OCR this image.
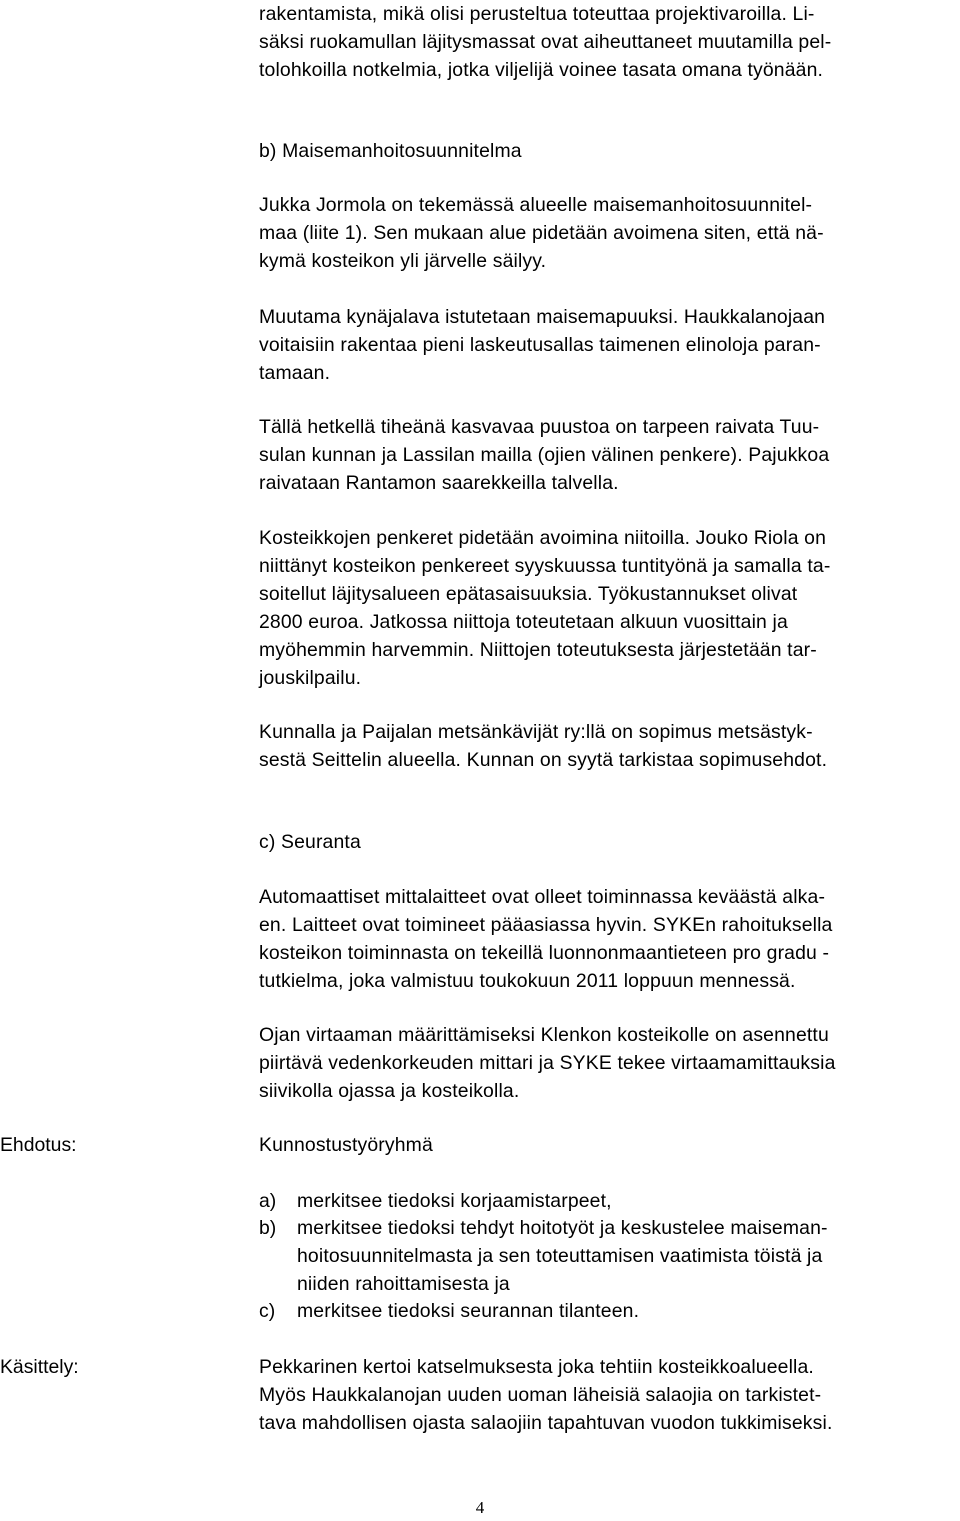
rakentamista, mikä olisi perusteltua toteuttaa projektivaroilla. Li-
säksi ruokamullan läjitysmassat ovat aiheuttaneet muutamilla pel-
tolohkoilla notkelmia, jotka viljelijä voinee tasata omana työnään.
b) Maisemanhoitosuunnitelma
Jukka Jormola on tekemässä alueelle maisemanhoitosuunnitel-
maa (liite 1). Sen mukaan alue pidetään avoimena siten, että nä-
kymä kosteikon yli järvelle säilyy.
Muutama kynäjalava istutetaan maisemapuuksi. Haukkalanojaan
voitaisiin rakentaa pieni laskeutusallas taimenen elinoloja paran-
tamaan.
Tällä hetkellä tiheänä kasvavaa puustoa on tarpeen raivata Tuu-
sulan kunnan ja Lassilan mailla (ojien välinen penkere). Pajukkoa
raivataan Rantamon saarekkeilla talvella.
Kosteikkojen penkeret pidetään avoimina niitoilla. Jouko Riola on
niittänyt kosteikon penkereet syyskuussa tuntityönä ja samalla ta-
soitellut läjitysalueen epätasaisuuksia. Työkustannukset olivat
2800 euroa. Jatkossa niittoja toteutetaan alkuun vuosittain ja
myöhemmin harvemmin. Niittojen toteutuksesta järjestetään tar-
jouskilpailu.
Kunnalla ja Paijalan metsänkävijät ry:llä on sopimus metsästyk-
sestä Seittelin alueella. Kunnan on syytä tarkistaa sopimusehdot.
c) Seuranta
Automaattiset mittalaitteet ovat olleet toiminnassa keväästä alka-
en. Laitteet ovat toimineet pääasiassa hyvin. SYKEn rahoituksella
kosteikon toiminnasta on tekeillä luonnonmaantieteen pro gradu -
tutkielma, joka valmistuu toukokuun 2011 loppuun mennessä.
Ojan virtaaman määrittämiseksi Klenkon kosteikolle on asennettu
piirtävä vedenkorkeuden mittari ja SYKE tekee virtaamamittauksia
siivikolla ojassa ja kosteikolla.
Ehdotus:	Kunnostustyöryhmä
a) merkitsee tiedoksi korjaamistarpeet,
b) merkitsee tiedoksi tehdyt hoitotyöt ja keskustelee maiseman-
hoitosuunnitelmasta ja sen toteuttamisen vaatimista töistä ja
niiden rahoittamisesta ja
c) merkitsee tiedoksi seurannan tilanteen.
Käsittely:	Pekkarinen kertoi katselmuksesta joka tehtiin kosteikkoalueella.
Myös Haukkalanojan uuden uoman läheisiä salaojia on tarkistet-
tava mahdollisen ojasta salaojiin tapahtuvan vuodon tukkimiseksi.
4
